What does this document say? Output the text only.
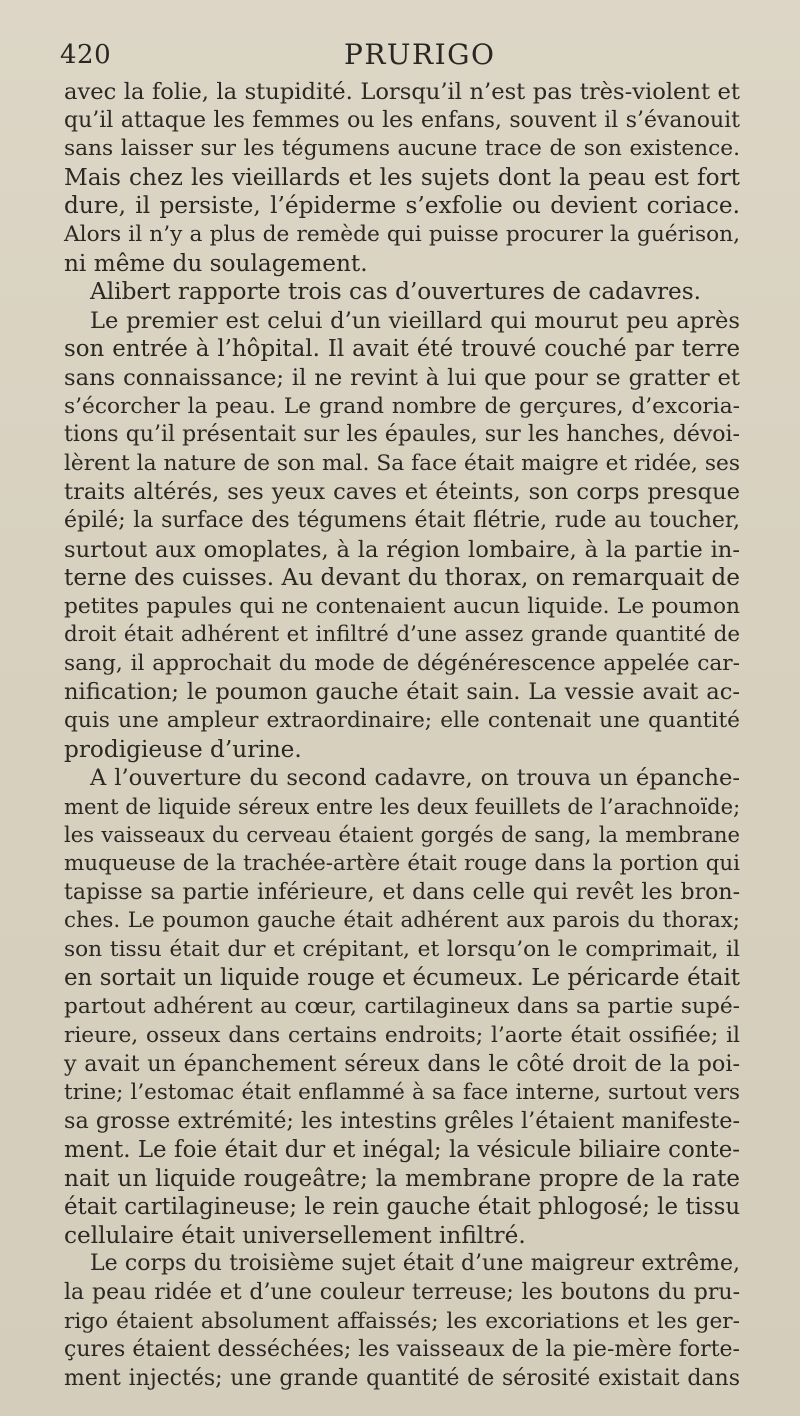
420	PRURIGO
avec la folie, la stupidité. Lorsqu’il n’est pas très-violent et
qu’il attaque les femmes ou les enfans, souvent il s’évanouit
sans laisser sur les tégumens aucune trace de son existence.
Mais chez les vieillards et les sujets dont la peau est fort
dure, il persiste, l’épiderme s’exfolie ou devient coriace.
Alors il n’y a plus de remède qui puisse procurer la guérison,
ni même du soulagement.
Alibert rapporte trois cas d’ouvertures de cadavres.
Le premier est celui d’un vieillard qui mourut peu après
son entrée à l’hôpital. Il avait été trouvé couché par terre
sans connaissance; il ne revint à lui que pour se gratter et
s’écorcher la peau. Le grand nombre de gerçures, d’excoria-
tions qu’il présentait sur les épaules, sur les hanches, dévoi-
lèrent la nature de son mal. Sa face était maigre et ridée, ses
traits altérés, ses yeux caves et éteints, son corps presque
épilé; la surface des tégumens était flétrie, rude au toucher,
surtout aux omoplates, à la région lombaire, à la partie in-
terne des cuisses. Au devant du thorax, on remarquait de
petites papules qui ne contenaient aucun liquide. Le poumon
droit était adhérent et infiltré d’une assez grande quantité de
sang, il approchait du mode de dégénérescence appelée car-
nification; le poumon gauche était sain. La vessie avait ac-
quis une ampleur extraordinaire; elle contenait une quantité
prodigieuse d’urine.
A l’ouverture du second cadavre, on trouva un épanche-
ment de liquide séreux entre les deux feuillets de l’arachnoïde;
les vaisseaux du cerveau étaient gorgés de sang, la membrane
muqueuse de la trachée-artère était rouge dans la portion qui
tapisse sa partie inférieure, et dans celle qui revêt les bron-
ches. Le poumon gauche était adhérent aux parois du thorax;
son tissu était dur et crépitant, et lorsqu’on le comprimait, il
en sortait un liquide rouge et écumeux. Le péricarde était
partout adhérent au cœur, cartilagineux dans sa partie supé-
rieure, osseux dans certains endroits; l’aorte était ossifiée; il
y avait un épanchement séreux dans le côté droit de la poi-
trine; l’estomac était enflammé à sa face interne, surtout vers
sa grosse extrémité; les intestins grêles l’étaient manifeste-
ment. Le foie était dur et inégal; la vésicule biliaire conte-
nait un liquide rougeâtre; la membrane propre de la rate
était cartilagineuse; le rein gauche était phlogosé; le tissu
cellulaire était universellement infiltré.
Le corps du troisième sujet était d’une maigreur extrême,
la peau ridée et d’une couleur terreuse; les boutons du pru-
rigo étaient absolument affaissés; les excoriations et les ger-
çures étaient desséchées; les vaisseaux de la pie-mère forte-
ment injectés; une grande quantité de sérosité existait dans
